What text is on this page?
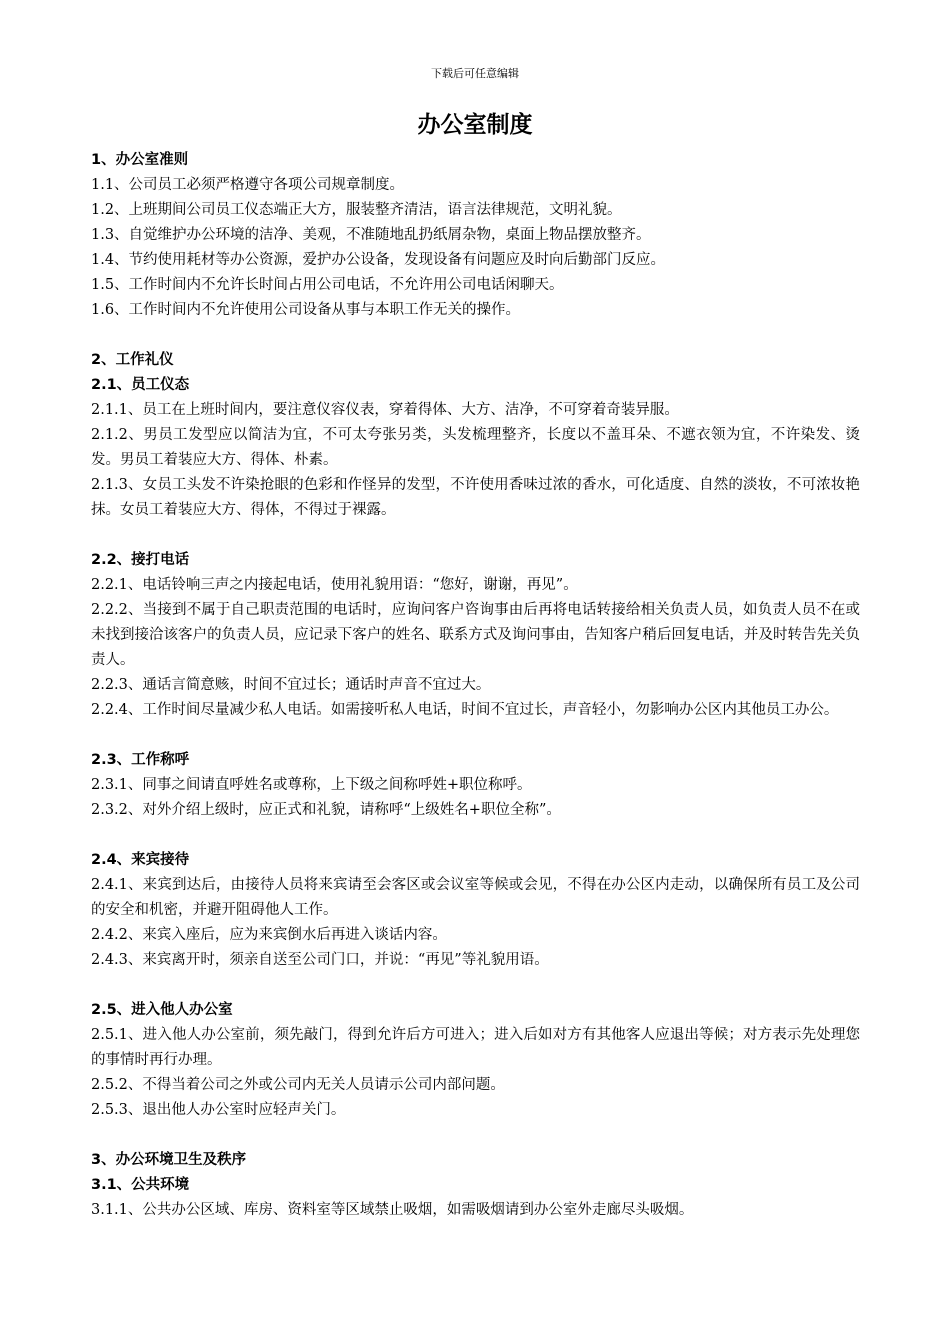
下载后可任意编辑
办公室制度
1、办公室准则
1.1、公司员工必须严格遵守各项公司规章制度。
1.2、上班期间公司员工仪态端正大方，服装整齐清洁，语言法律规范，文明礼貌。
1.3、自觉维护办公环境的洁净、美观，不准随地乱扔纸屑杂物，桌面上物品摆放整齐。
1.4、节约使用耗材等办公资源，爱护办公设备，发现设备有问题应及时向后勤部门反应。
1.5、工作时间内不允许长时间占用公司电话，不允许用公司电话闲聊天。
1.6、工作时间内不允许使用公司设备从事与本职工作无关的操作。
2、工作礼仪
2.1、员工仪态
2.1.1、员工在上班时间内，要注意仪容仪表，穿着得体、大方、洁净，不可穿着奇装异服。
2.1.2、男员工发型应以简洁为宜，不可太夸张另类，头发梳理整齐，长度以不盖耳朵、不遮衣领为宜，不许染发、烫发。男员工着装应大方、得体、朴素。
2.1.3、女员工头发不许染抢眼的色彩和作怪异的发型，不许使用香味过浓的香水，可化适度、自然的淡妆，不可浓妆艳抹。女员工着装应大方、得体，不得过于裸露。
2.2、接打电话
2.2.1、电话铃响三声之内接起电话，使用礼貌用语：“您好，谢谢，再见”。
2.2.2、当接到不属于自己职责范围的电话时，应询问客户咨询事由后再将电话转接给相关负责人员，如负责人员不在或未找到接洽该客户的负责人员，应记录下客户的姓名、联系方式及询问事由，告知客户稍后回复电话，并及时转告先关负责人。
2.2.3、通话言简意赅，时间不宜过长；通话时声音不宜过大。
2.2.4、工作时间尽量减少私人电话。如需接听私人电话，时间不宜过长，声音轻小，勿影响办公区内其他员工办公。
2.3、工作称呼
2.3.1、同事之间请直呼姓名或尊称，上下级之间称呼姓+职位称呼。
2.3.2、对外介绍上级时，应正式和礼貌，请称呼“上级姓名+职位全称”。
2.4、来宾接待
2.4.1、来宾到达后，由接待人员将来宾请至会客区或会议室等候或会见，不得在办公区内走动，以确保所有员工及公司的安全和机密，并避开阻碍他人工作。
2.4.2、来宾入座后，应为来宾倒水后再进入谈话内容。
2.4.3、来宾离开时，须亲自送至公司门口，并说：“再见”等礼貌用语。
2.5、进入他人办公室
2.5.1、进入他人办公室前，须先敲门，得到允许后方可进入；进入后如对方有其他客人应退出等候；对方表示先处理您的事情时再行办理。
2.5.2、不得当着公司之外或公司内无关人员请示公司内部问题。
2.5.3、退出他人办公室时应轻声关门。
3、办公环境卫生及秩序
3.1、公共环境
3.1.1、公共办公区域、库房、资料室等区域禁止吸烟，如需吸烟请到办公室外走廊尽头吸烟。
